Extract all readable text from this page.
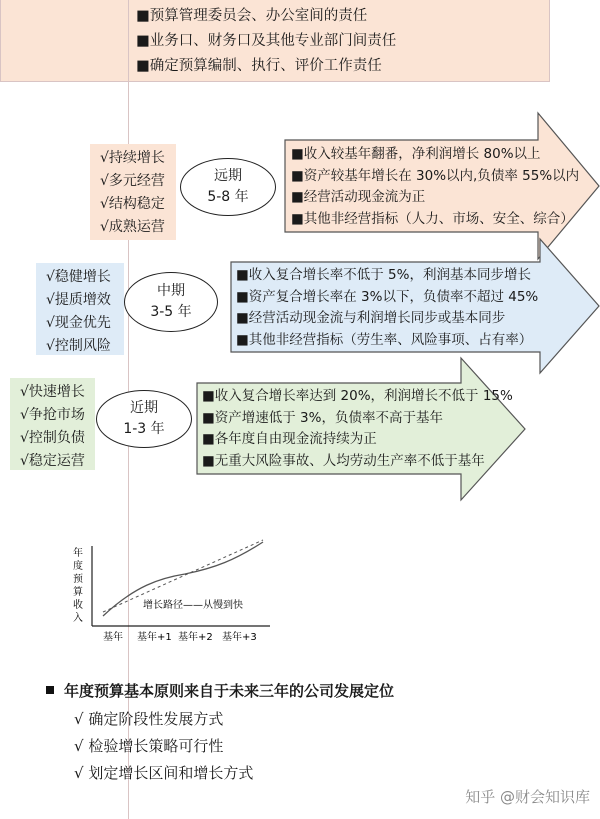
■预算管理委员会、办公室间的责任
■业务口、财务口及其他专业部门间责任
■确定预算编制、执行、评价工作责任
√持续增长
√多元经营
√结构稳定
√成熟运营
远期
5-8 年
■收入较基年翻番，净利润增长 80%以上
■资产较基年增长在 30%以内,负债率 55%以内
■经营活动现金流为正
■其他非经营指标（人力、市场、安全、综合）
√稳健增长
√提质增效
√现金优先
√控制风险
中期
3-5 年
■收入复合增长率不低于 5%，利润基本同步增长
■资产复合增长率在 3%以下，负债率不超过 45%
■经营活动现金流与利润增长同步或基本同步
■其他非经营指标（劳生率、风险事项、占有率）
√快速增长
√争抢市场
√控制负债
√稳定运营
近期
1-3 年
■收入复合增长率达到 20%，利润增长不低于 15%
■资产增速低于 3%，负债率不高于基年
■各年度自由现金流持续为正
■无重大风险事故、人均劳动生产率不低于基年
年
度
预
算
收
入
增长路径——从慢到快
基年 基年+1 基年+2 基年+3
年度预算基本原则来自于未来三年的公司发展定位
√ 确定阶段性发展方式
√ 检验增长策略可行性
√ 划定增长区间和增长方式
知乎 @财会知识库
